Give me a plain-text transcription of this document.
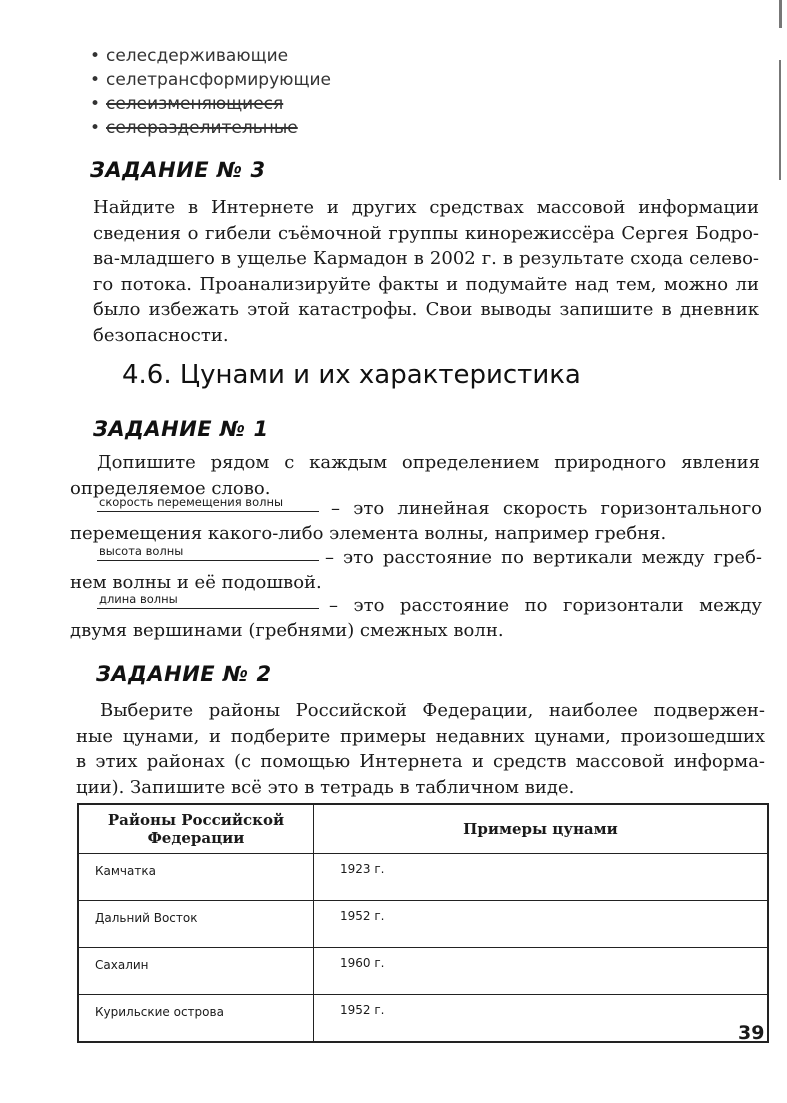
• селесдерживающие
• селетрансформирующие
• селеизменяющиеся
• селеразделительные
ЗАДАНИЕ № 3

Найдите в Интернете и других средствах массовой информации
сведения о гибели съёмочной группы кинорежиссёра Сергея Бодро-
ва-младшего в ущелье Кармадон в 2002 г. в результате схода селево-
го потока. Проанализируйте факты и подумайте над тем, можно ли
было избежать этой катастрофы. Свои выводы запишите в дневник
безопасности.

4.6. Цунами и их характеристика
ЗАДАНИЕ № 1

Допишите рядом с каждым определением природного явления
определяемое слово.

скорость перемещения волны	– это линейная скорость горизонтального
перемещения какого-либо элемента волны, например гребня.
высота волны	– это расстояние по вертикали между греб-
нем волны и её подошвой.
длина волны	– это расстояние по горизонтали между
двумя вершинами (гребнями) смежных волн.
ЗАДАНИЕ № 2

Выберите районы Российской Федерации, наиболее подвержен-
ные цунами, и подберите примеры недавних цунами, произошедших
в этих районах (с помощью Интернета и средств массовой информа-
ции). Запишите всё это в тетрадь в табличном виде.

Районы Российской Федерации	Примеры цунами
Камчатка	1923 г.
Дальний Восток	1952 г.
Сахалин	1960 г.
Курильские острова	1952 г.
39
